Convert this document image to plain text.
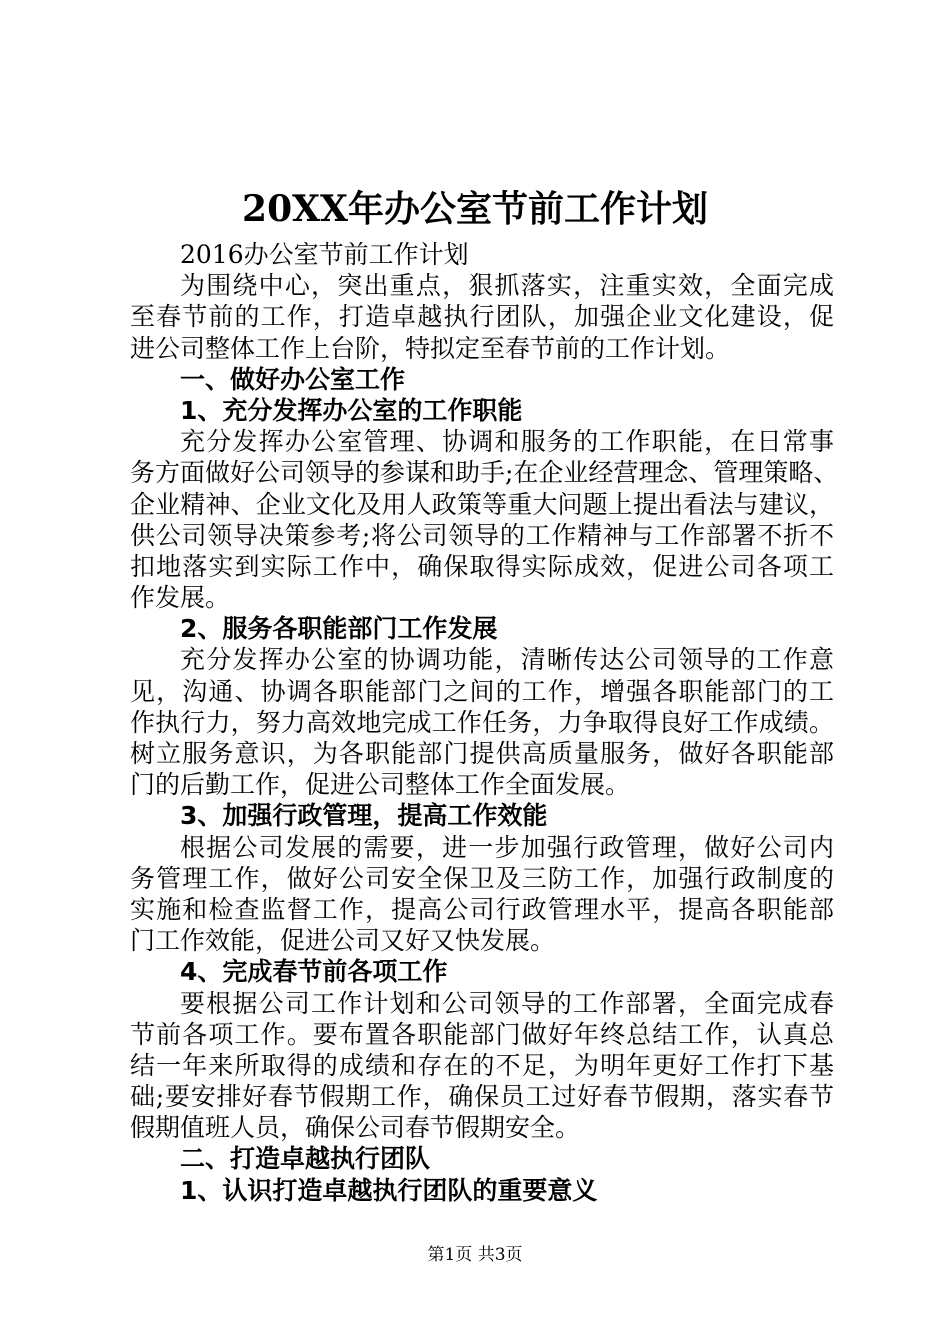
20XX年办公室节前工作计划
2016办公室节前工作计划
为围绕中心，突出重点，狠抓落实，注重实效，全面完成
至春节前的工作，打造卓越执行团队，加强企业文化建设，促
进公司整体工作上台阶，特拟定至春节前的工作计划。
一、做好办公室工作
1、充分发挥办公室的工作职能
充分发挥办公室管理、协调和服务的工作职能，在日常事
务方面做好公司领导的参谋和助手;在企业经营理念、管理策略、
企业精神、企业文化及用人政策等重大问题上提出看法与建议，
供公司领导决策参考;将公司领导的工作精神与工作部署不折不
扣地落实到实际工作中，确保取得实际成效，促进公司各项工
作发展。
2、服务各职能部门工作发展
充分发挥办公室的协调功能，清晰传达公司领导的工作意
见，沟通、协调各职能部门之间的工作，增强各职能部门的工
作执行力，努力高效地完成工作任务，力争取得良好工作成绩。
树立服务意识，为各职能部门提供高质量服务，做好各职能部
门的后勤工作，促进公司整体工作全面发展。
3、加强行政管理，提高工作效能
根据公司发展的需要，进一步加强行政管理，做好公司内
务管理工作，做好公司安全保卫及三防工作，加强行政制度的
实施和检查监督工作，提高公司行政管理水平，提高各职能部
门工作效能，促进公司又好又快发展。
4、完成春节前各项工作
要根据公司工作计划和公司领导的工作部署，全面完成春
节前各项工作。要布置各职能部门做好年终总结工作，认真总
结一年来所取得的成绩和存在的不足，为明年更好工作打下基
础;要安排好春节假期工作，确保员工过好春节假期，落实春节
假期值班人员，确保公司春节假期安全。
二、打造卓越执行团队
1、认识打造卓越执行团队的重要意义
第1页 共3页
